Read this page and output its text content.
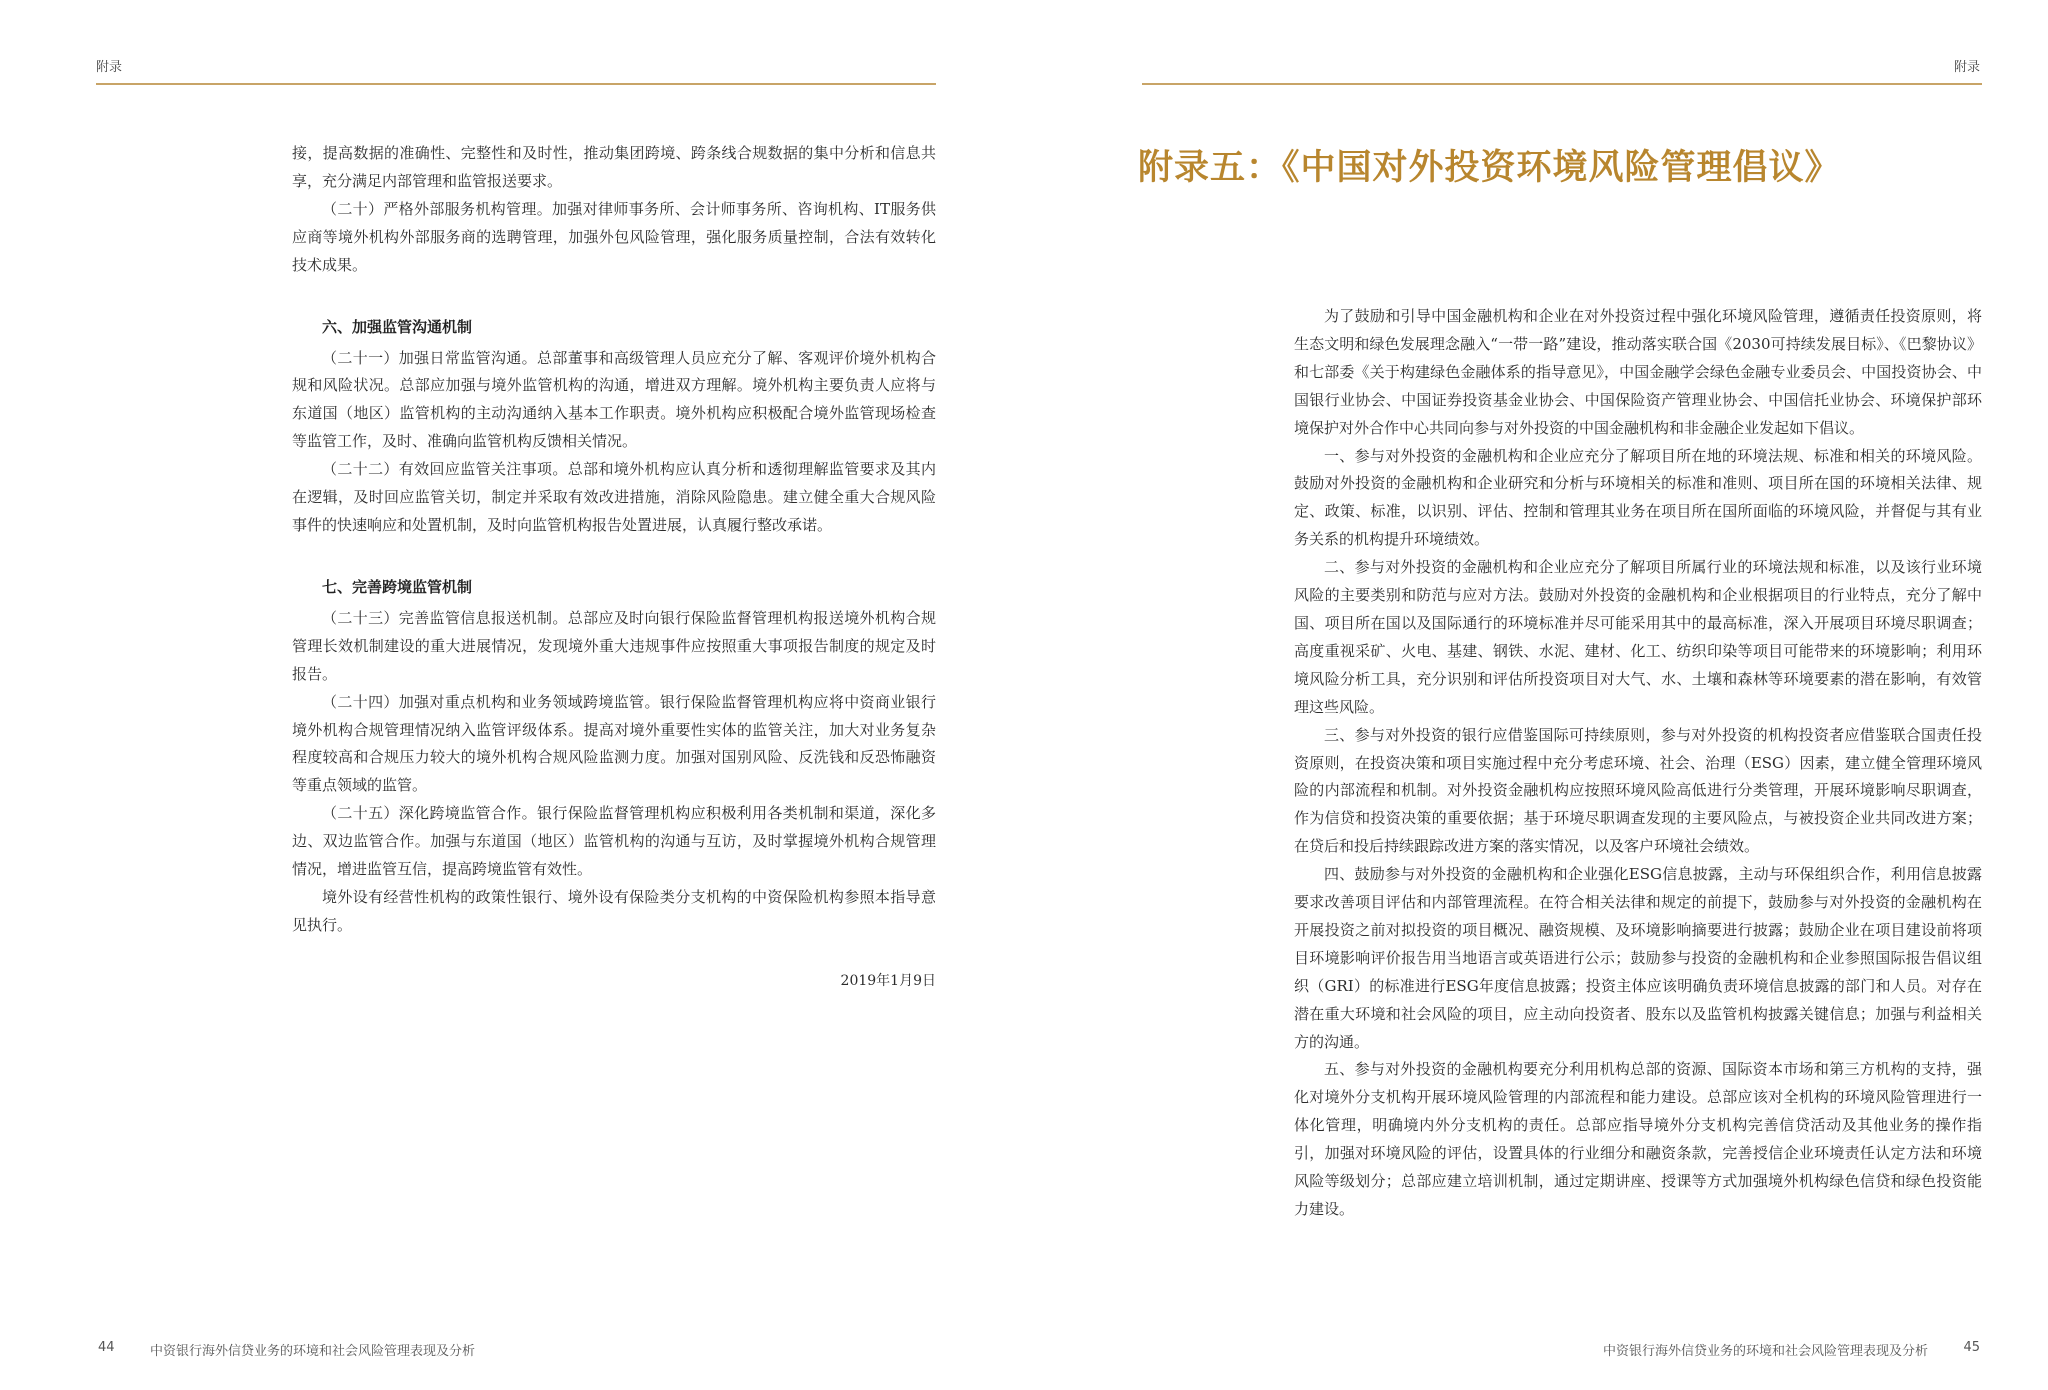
附录

接，提高数据的准确性、完整性和及时性，推动集团跨境、跨条线合规数据的集中分析和信息共享，充分满足内部管理和监管报送要求。

（二十）严格外部服务机构管理。加强对律师事务所、会计师事务所、咨询机构、IT服务供应商等境外机构外部服务商的选聘管理，加强外包风险管理，强化服务质量控制，合法有效转化技术成果。

六、加强监管沟通机制

（二十一）加强日常监管沟通。总部董事和高级管理人员应充分了解、客观评价境外机构合规和风险状况。总部应加强与境外监管机构的沟通，增进双方理解。境外机构主要负责人应将与东道国（地区）监管机构的主动沟通纳入基本工作职责。境外机构应积极配合境外监管现场检查等监管工作，及时、准确向监管机构反馈相关情况。

（二十二）有效回应监管关注事项。总部和境外机构应认真分析和透彻理解监管要求及其内在逻辑，及时回应监管关切，制定并采取有效改进措施，消除风险隐患。建立健全重大合规风险事件的快速响应和处置机制，及时向监管机构报告处置进展，认真履行整改承诺。

七、完善跨境监管机制

（二十三）完善监管信息报送机制。总部应及时向银行保险监督管理机构报送境外机构合规管理长效机制建设的重大进展情况，发现境外重大违规事件应按照重大事项报告制度的规定及时报告。

（二十四）加强对重点机构和业务领域跨境监管。银行保险监督管理机构应将中资商业银行境外机构合规管理情况纳入监管评级体系。提高对境外重要性实体的监管关注，加大对业务复杂程度较高和合规压力较大的境外机构合规风险监测力度。加强对国别风险、反洗钱和反恐怖融资等重点领域的监管。

（二十五）深化跨境监管合作。银行保险监督管理机构应积极利用各类机制和渠道，深化多边、双边监管合作。加强与东道国（地区）监管机构的沟通与互访，及时掌握境外机构合规管理情况，增进监管互信，提高跨境监管有效性。

境外设有经营性机构的政策性银行、境外设有保险类分支机构的中资保险机构参照本指导意见执行。

2019年1月9日
44	中资银行海外信贷业务的环境和社会风险管理表现及分析
附录

为了鼓励和引导中国金融机构和企业在对外投资过程中强化环境风险管理，遵循责任投资原则，将生态文明和绿色发展理念融入“一带一路”建设，推动落实联合国《2030可持续发展目标》、《巴黎协议》和七部委《关于构建绿色金融体系的指导意见》，中国金融学会绿色金融专业委员会、中国投资协会、中国银行业协会、中国证券投资基金业协会、中国保险资产管理业协会、中国信托业协会、环境保护部环境保护对外合作中心共同向参与对外投资的中国金融机构和非金融企业发起如下倡议。

一、参与对外投资的金融机构和企业应充分了解项目所在地的环境法规、标准和相关的环境风险。鼓励对外投资的金融机构和企业研究和分析与环境相关的标准和准则、项目所在国的环境相关法律、规定、政策、标准，以识别、评估、控制和管理其业务在项目所在国所面临的环境风险，并督促与其有业务关系的机构提升环境绩效。

二、参与对外投资的金融机构和企业应充分了解项目所属行业的环境法规和标准，以及该行业环境风险的主要类别和防范与应对方法。鼓励对外投资的金融机构和企业根据项目的行业特点，充分了解中国、项目所在国以及国际通行的环境标准并尽可能采用其中的最高标准，深入开展项目环境尽职调查；高度重视采矿、火电、基建、钢铁、水泥、建材、化工、纺织印染等项目可能带来的环境影响；利用环境风险分析工具，充分识别和评估所投资项目对大气、水、土壤和森林等环境要素的潜在影响，有效管理这些风险。

三、参与对外投资的银行应借鉴国际可持续原则，参与对外投资的机构投资者应借鉴联合国责任投资原则，在投资决策和项目实施过程中充分考虑环境、社会、治理（ESG）因素，建立健全管理环境风险的内部流程和机制。对外投资金融机构应按照环境风险高低进行分类管理，开展环境影响尽职调查，作为信贷和投资决策的重要依据；基于环境尽职调查发现的主要风险点，与被投资企业共同改进方案；在贷后和投后持续跟踪改进方案的落实情况，以及客户环境社会绩效。

四、鼓励参与对外投资的金融机构和企业强化ESG信息披露，主动与环保组织合作，利用信息披露要求改善项目评估和内部管理流程。在符合相关法律和规定的前提下，鼓励参与对外投资的金融机构在开展投资之前对拟投资的项目概况、融资规模、及环境影响摘要进行披露；鼓励企业在项目建设前将项目环境影响评价报告用当地语言或英语进行公示；鼓励参与投资的金融机构和企业参照国际报告倡议组织（GRI）的标准进行ESG年度信息披露；投资主体应该明确负责环境信息披露的部门和人员。对存在潜在重大环境和社会风险的项目，应主动向投资者、股东以及监管机构披露关键信息；加强与利益相关方的沟通。

五、参与对外投资的金融机构要充分利用机构总部的资源、国际资本市场和第三方机构的支持，强化对境外分支机构开展环境风险管理的内部流程和能力建设。总部应该对全机构的环境风险管理进行一体化管理，明确境内外分支机构的责任。总部应指导境外分支机构完善信贷活动及其他业务的操作指引，加强对环境风险的评估，设置具体的行业细分和融资条款，完善授信企业环境责任认定方法和环境风险等级划分；总部应建立培训机制，通过定期讲座、授课等方式加强境外机构绿色信贷和绿色投资能力建设。

中资银行海外信贷业务的环境和社会风险管理表现及分析	45
附录五：《中国对外投资环境风险管理倡议》
